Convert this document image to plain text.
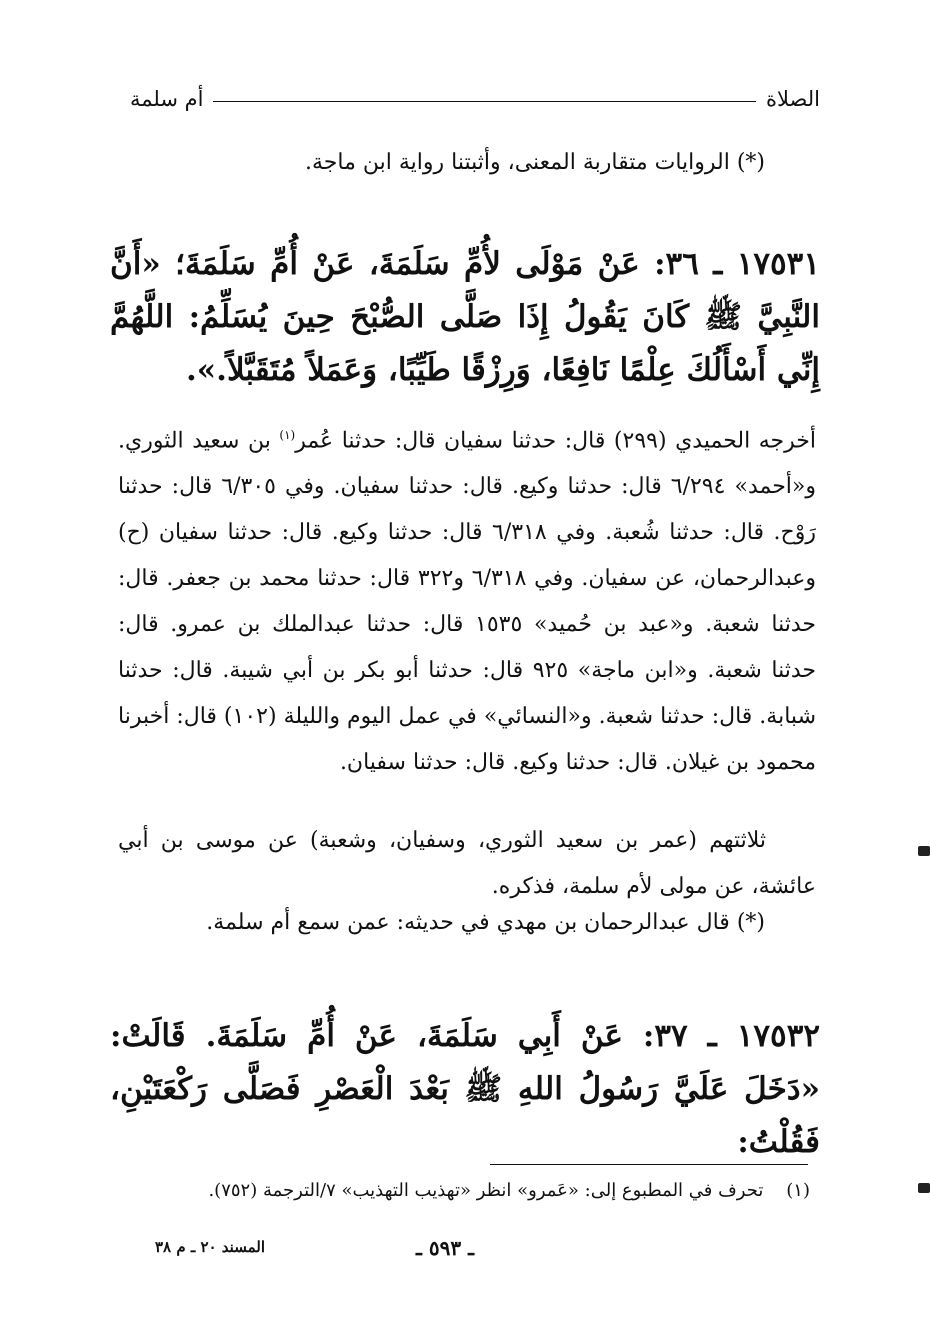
الصلاة
أم سلمة
(*) الروايات متقاربة المعنى، وأثبتنا رواية ابن ماجة.
١٧٥٣١ ـ ٣٦: عَنْ مَوْلَى لأُمِّ سَلَمَةَ، عَنْ أُمِّ سَلَمَةَ؛ «أَنَّ النَّبِيَّ ﷺ كَانَ يَقُولُ إِذَا صَلَّى الصُّبْحَ حِينَ يُسَلِّمُ: اللَّهُمَّ إِنِّي أَسْأَلُكَ عِلْمًا نَافِعًا، وَرِزْقًا طَيِّبًا، وَعَمَلاً مُتَقَبَّلاً.».
أخرجه الحميدي (٢٩٩) قال: حدثنا سفيان قال: حدثنا عُمر$^{(١)}$ بن سعيد الثوري. و«أحمد» ٦/٢٩٤ قال: حدثنا وكيع. قال: حدثنا سفيان. وفي ٦/٣٠٥ قال: حدثنا رَوْح. قال: حدثنا شُعبة. وفي ٦/٣١٨ قال: حدثنا وكيع. قال: حدثنا سفيان (ح) وعبدالرحمان، عن سفيان. وفي ٦/٣١٨ و٣٢٢ قال: حدثنا محمد بن جعفر. قال: حدثنا شعبة. و«عبد بن حُميد» ١٥٣٥ قال: حدثنا عبدالملك بن عمرو. قال: حدثنا شعبة. و«ابن ماجة» ٩٢٥ قال: حدثنا أبو بكر بن أبي شيبة. قال: حدثنا شبابة. قال: حدثنا شعبة. و«النسائي» في عمل اليوم والليلة (١٠٢) قال: أخبرنا محمود بن غيلان. قال: حدثنا وكيع. قال: حدثنا سفيان.
ثلاثتهم (عمر بن سعيد الثوري، وسفيان، وشعبة) عن موسى بن أبي عائشة، عن مولى لأم سلمة، فذكره.
(*) قال عبدالرحمان بن مهدي في حديثه: عمن سمع أم سلمة.
١٧٥٣٢ ـ ٣٧: عَنْ أَبِي سَلَمَةَ، عَنْ أُمِّ سَلَمَةَ. قَالَتْ: «دَخَلَ عَلَيَّ رَسُولُ اللهِ ﷺ بَعْدَ الْعَصْرِ فَصَلَّى رَكْعَتَيْنِ، فَقُلْتُ:
(١)    تحرف في المطبوع إلى: «عَمرو» انظر «تهذيب التهذيب» ٧/الترجمة (٧٥٢).
ـ ٥٩٣ ـ
المسند ٢٠ ـ م ٣٨
